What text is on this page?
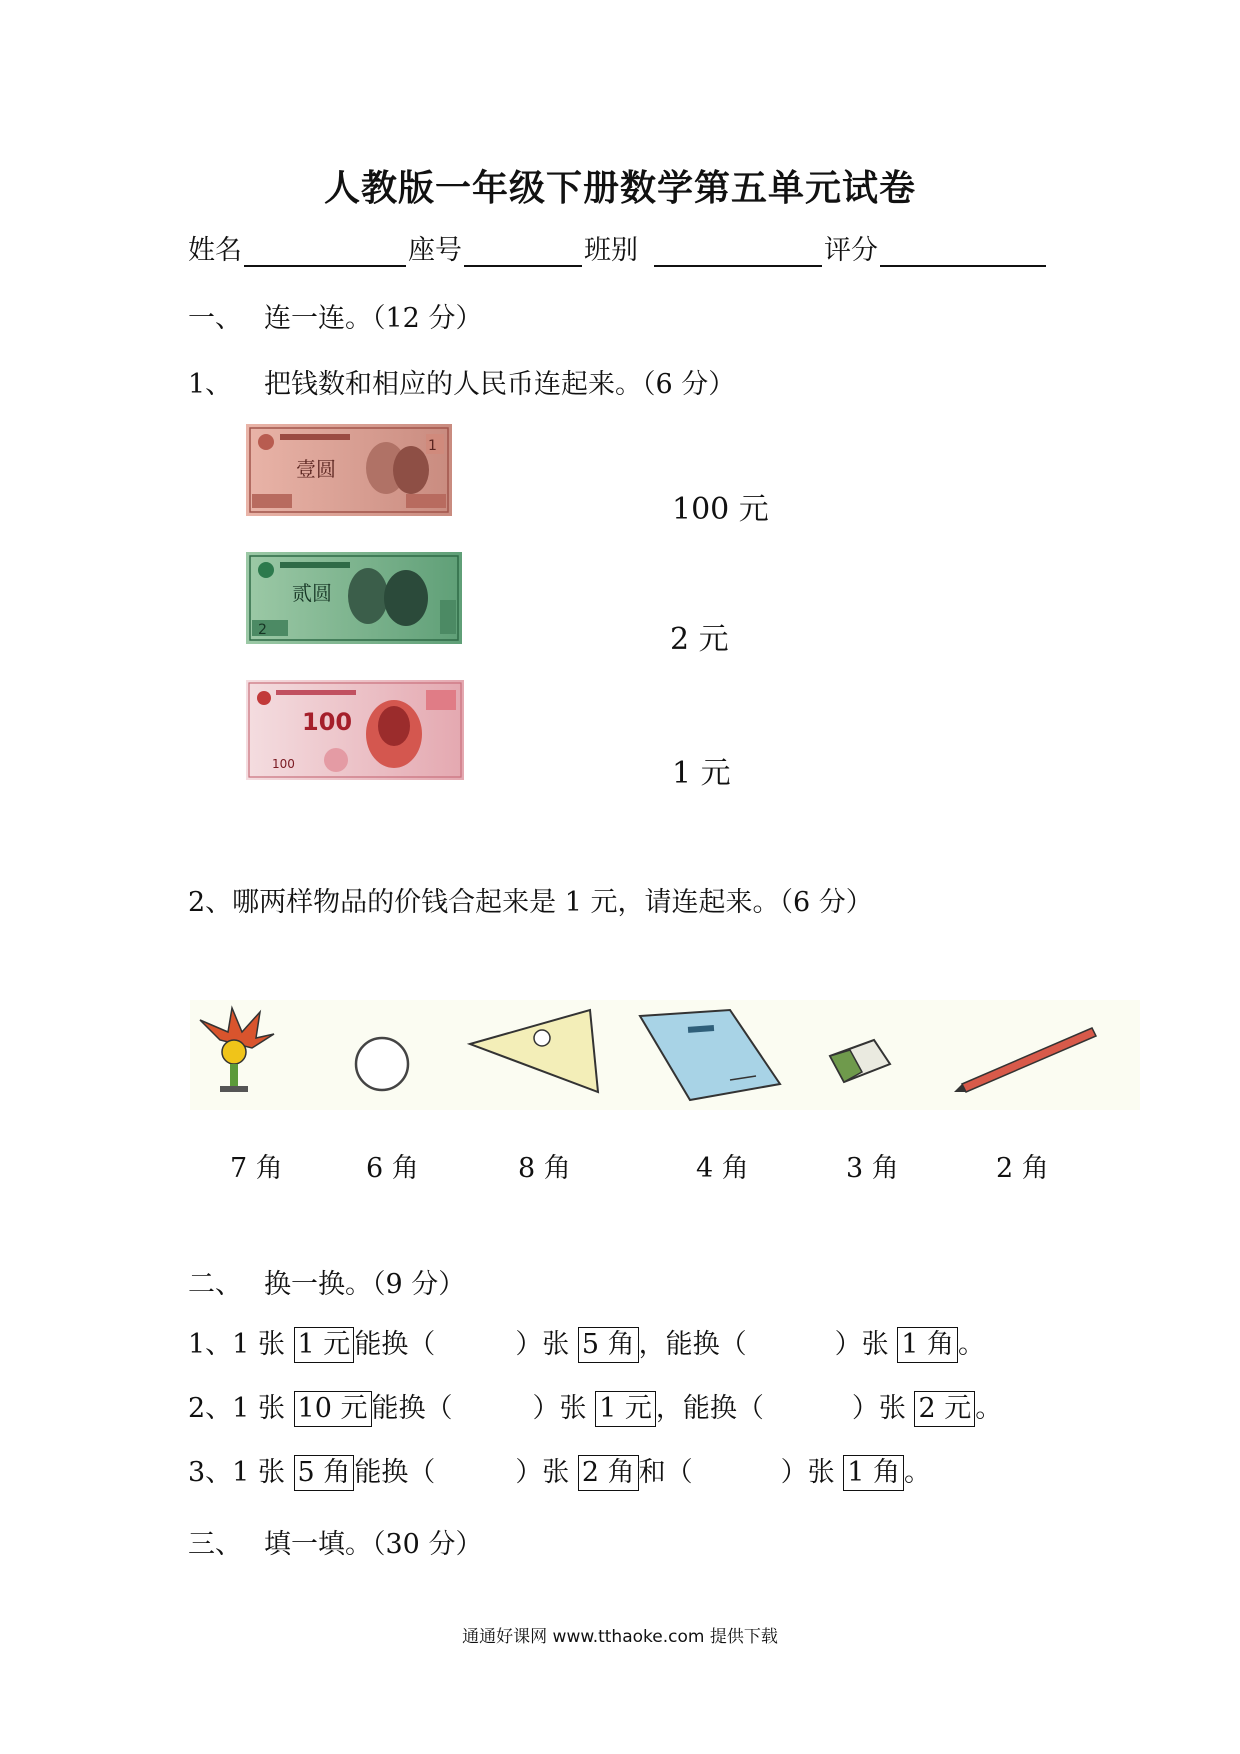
人教版一年级下册数学第五单元试卷
姓名	座号	班别	评分
一、 连一连。（12 分）
1、 把钱数和相应的人民币连起来。（6 分）
壹圆
1
贰圆
2
100
100
100 元
2 元
1 元
2、哪两样物品的价钱合起来是 1 元，请连起来。（6 分）
7 角	6 角	8 角	4 角	3 角	2 角
二、 换一换。（9 分）
1、1 张 1 元 能换（	）张 5 角 ，能换（	）张 1 角 。
2、1 张 10 元 能换（	）张 1 元 ，能换（	）张 2 元 。
3、1 张 5 角 能换（	）张 2 角 和（	）张 1 角 。
三、 填一填。（30 分）
通通好课网 www.tthaoke.com 提供下载
